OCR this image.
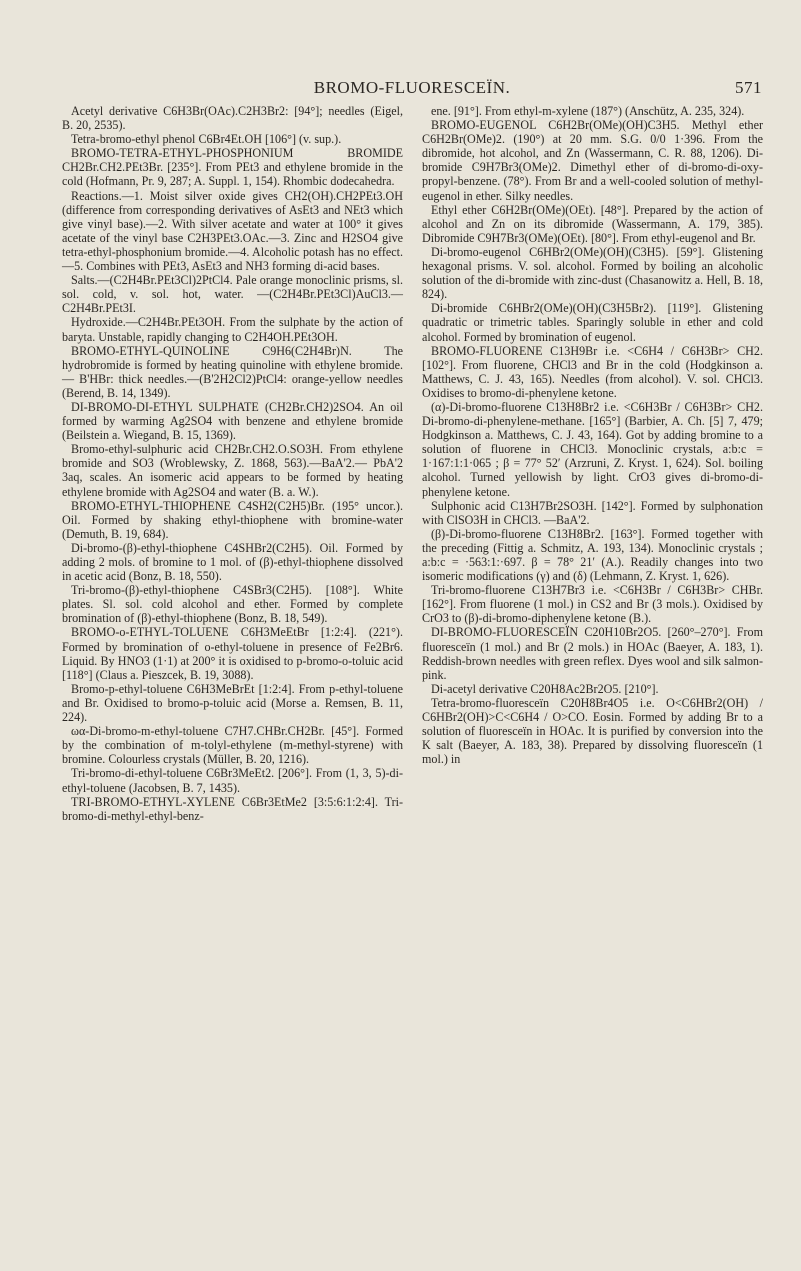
BROMO-FLUORESCEÏN.	571

Acetyl derivative C6H3Br(OAc).C2H3Br2: [94°]; needles (Eigel, B. 20, 2535).

Tetra-bromo-ethyl phenol C6Br4Et.OH [106°] (v. sup.).

BROMO-TETRA-ETHYL-PHOSPHONIUM BROMIDE CH2Br.CH2.PEt3Br. [235°]. From PEt3 and ethylene bromide in the cold (Hofmann, Pr. 9, 287; A. Suppl. 1, 154). Rhombic dodecahedra.

Reactions.—1. Moist silver oxide gives CH2(OH).CH2PEt3.OH (difference from corresponding derivatives of AsEt3 and NEt3 which give vinyl base).—2. With silver acetate and water at 100° it gives acetate of the vinyl base C2H3PEt3.OAc.—3. Zinc and H2SO4 give tetra-ethyl-phosphonium bromide.—4. Alcoholic potash has no effect.—5. Combines with PEt3, AsEt3 and NH3 forming di-acid bases.

Salts.—(C2H4Br.PEt3Cl)2PtCl4. Pale orange monoclinic prisms, sl. sol. cold, v. sol. hot, water. —(C2H4Br.PEt3Cl)AuCl3.—C2H4Br.PEt3I.

Hydroxide.—C2H4Br.PEt3OH. From the sulphate by the action of baryta. Unstable, rapidly changing to C2H4OH.PEt3OH.

BROMO-ETHYL-QUINOLINE C9H6(C2H4Br)N. The hydrobromide is formed by heating quinoline with ethylene bromide.— B'HBr: thick needles.—(B'2H2Cl2)PtCl4: orange-yellow needles (Berend, B. 14, 1349).

DI-BROMO-DI-ETHYL SULPHATE (CH2Br.CH2)2SO4. An oil formed by warming Ag2SO4 with benzene and ethylene bromide (Beilstein a. Wiegand, B. 15, 1369).

Bromo-ethyl-sulphuric acid CH2Br.CH2.O.SO3H. From ethylene bromide and SO3 (Wroblewsky, Z. 1868, 563).—BaA'2.— PbA'2 3aq, scales. An isomeric acid appears to be formed by heating ethylene bromide with Ag2SO4 and water (B. a. W.).

BROMO-ETHYL-THIOPHENE C4SH2(C2H5)Br. (195° uncor.). Oil. Formed by shaking ethyl-thiophene with bromine-water (Demuth, B. 19, 684).

Di-bromo-(β)-ethyl-thiophene C4SHBr2(C2H5). Oil. Formed by adding 2 mols. of bromine to 1 mol. of (β)-ethyl-thiophene dissolved in acetic acid (Bonz, B. 18, 550).

Tri-bromo-(β)-ethyl-thiophene C4SBr3(C2H5). [108°]. White plates. Sl. sol. cold alcohol and ether. Formed by complete bromination of (β)-ethyl-thiophene (Bonz, B. 18, 549).

BROMO-o-ETHYL-TOLUENE C6H3MeEtBr [1:2:4]. (221°). Formed by bromination of o-ethyl-toluene in presence of Fe2Br6. Liquid. By HNO3 (1·1) at 200° it is oxidised to p-bromo-o-toluic acid [118°] (Claus a. Pieszcek, B. 19, 3088).

Bromo-p-ethyl-toluene C6H3MeBrEt [1:2:4]. From p-ethyl-toluene and Br. Oxidised to bromo-p-toluic acid (Morse a. Remsen, B. 11, 224).

ωα-Di-bromo-m-ethyl-toluene C7H7.CHBr.CH2Br. [45°]. Formed by the combination of m-tolyl-ethylene (m-methyl-styrene) with bromine. Colourless crystals (Müller, B. 20, 1216).

Tri-bromo-di-ethyl-toluene C6Br3MeEt2. [206°]. From (1, 3, 5)-di-ethyl-toluene (Jacobsen, B. 7, 1435).

TRI-BROMO-ETHYL-XYLENE C6Br3EtMe2 [3:5:6:1:2:4]. Tri-bromo-di-methyl-ethyl-benz-

ene. [91°]. From ethyl-m-xylene (187°) (Anschütz, A. 235, 324).

BROMO-EUGENOL C6H2Br(OMe)(OH)C3H5. Methyl ether C6H2Br(OMe)2. (190°) at 20 mm. S.G. 0/0 1·396. From the dibromide, hot alcohol, and Zn (Wassermann, C. R. 88, 1206). Di-bromide C9H7Br3(OMe)2. Dimethyl ether of di-bromo-di-oxy-propyl-benzene. (78°). From Br and a well-cooled solution of methyl-eugenol in ether. Silky needles.

Ethyl ether C6H2Br(OMe)(OEt). [48°]. Prepared by the action of alcohol and Zn on its dibromide (Wassermann, A. 179, 385). Dibromide C9H7Br3(OMe)(OEt). [80°]. From ethyl-eugenol and Br.

Di-bromo-eugenol C6HBr2(OMe)(OH)(C3H5). [59°]. Glistening hexagonal prisms. V. sol. alcohol. Formed by boiling an alcoholic solution of the di-bromide with zinc-dust (Chasanowitz a. Hell, B. 18, 824).

Di-bromide C6HBr2(OMe)(OH)(C3H5Br2). [119°]. Glistening quadratic or trimetric tables. Sparingly soluble in ether and cold alcohol. Formed by bromination of eugenol.

BROMO-FLUORENE C13H9Br i.e. <C6H4 / C6H3Br> CH2. [102°]. From fluorene, CHCl3 and Br in the cold (Hodgkinson a. Matthews, C. J. 43, 165). Needles (from alcohol). V. sol. CHCl3. Oxidises to bromo-di-phenylene ketone.

(α)-Di-bromo-fluorene C13H8Br2 i.e. <C6H3Br / C6H3Br> CH2. Di-bromo-di-phenylene-methane. [165°] (Barbier, A. Ch. [5] 7, 479; Hodgkinson a. Matthews, C. J. 43, 164). Got by adding bromine to a solution of fluorene in CHCl3. Monoclinic crystals, a:b:c = 1·167:1:1·065 ; β = 77° 52′ (Arzruni, Z. Kryst. 1, 624). Sol. boiling alcohol. Turned yellowish by light. CrO3 gives di-bromo-di-phenylene ketone.

Sulphonic acid C13H7Br2SO3H. [142°]. Formed by sulphonation with ClSO3H in CHCl3. —BaA'2.

(β)-Di-bromo-fluorene C13H8Br2. [163°]. Formed together with the preceding (Fittig a. Schmitz, A. 193, 134). Monoclinic crystals ; a:b:c = ·563:1:·697. β = 78° 21′ (A.). Readily changes into two isomeric modifications (γ) and (δ) (Lehmann, Z. Kryst. 1, 626).

Tri-bromo-fluorene C13H7Br3 i.e. <C6H3Br / C6H3Br> CHBr. [162°]. From fluorene (1 mol.) in CS2 and Br (3 mols.). Oxidised by CrO3 to (β)-di-bromo-diphenylene ketone (B.).

DI-BROMO-FLUORESCEÏN C20H10Br2O5. [260°–270°]. From fluoresceïn (1 mol.) and Br (2 mols.) in HOAc (Baeyer, A. 183, 1). Reddish-brown needles with green reflex. Dyes wool and silk salmon-pink.

Di-acetyl derivative C20H8Ac2Br2O5. [210°].

Tetra-bromo-fluoresceïn C20H8Br4O5 i.e. O<C6HBr2(OH) / C6HBr2(OH)>C<C6H4 / O>CO. Eosin. Formed by adding Br to a solution of fluoresceïn in HOAc. It is purified by conversion into the K salt (Baeyer, A. 183, 38). Prepared by dissolving fluoresceïn (1 mol.) in
